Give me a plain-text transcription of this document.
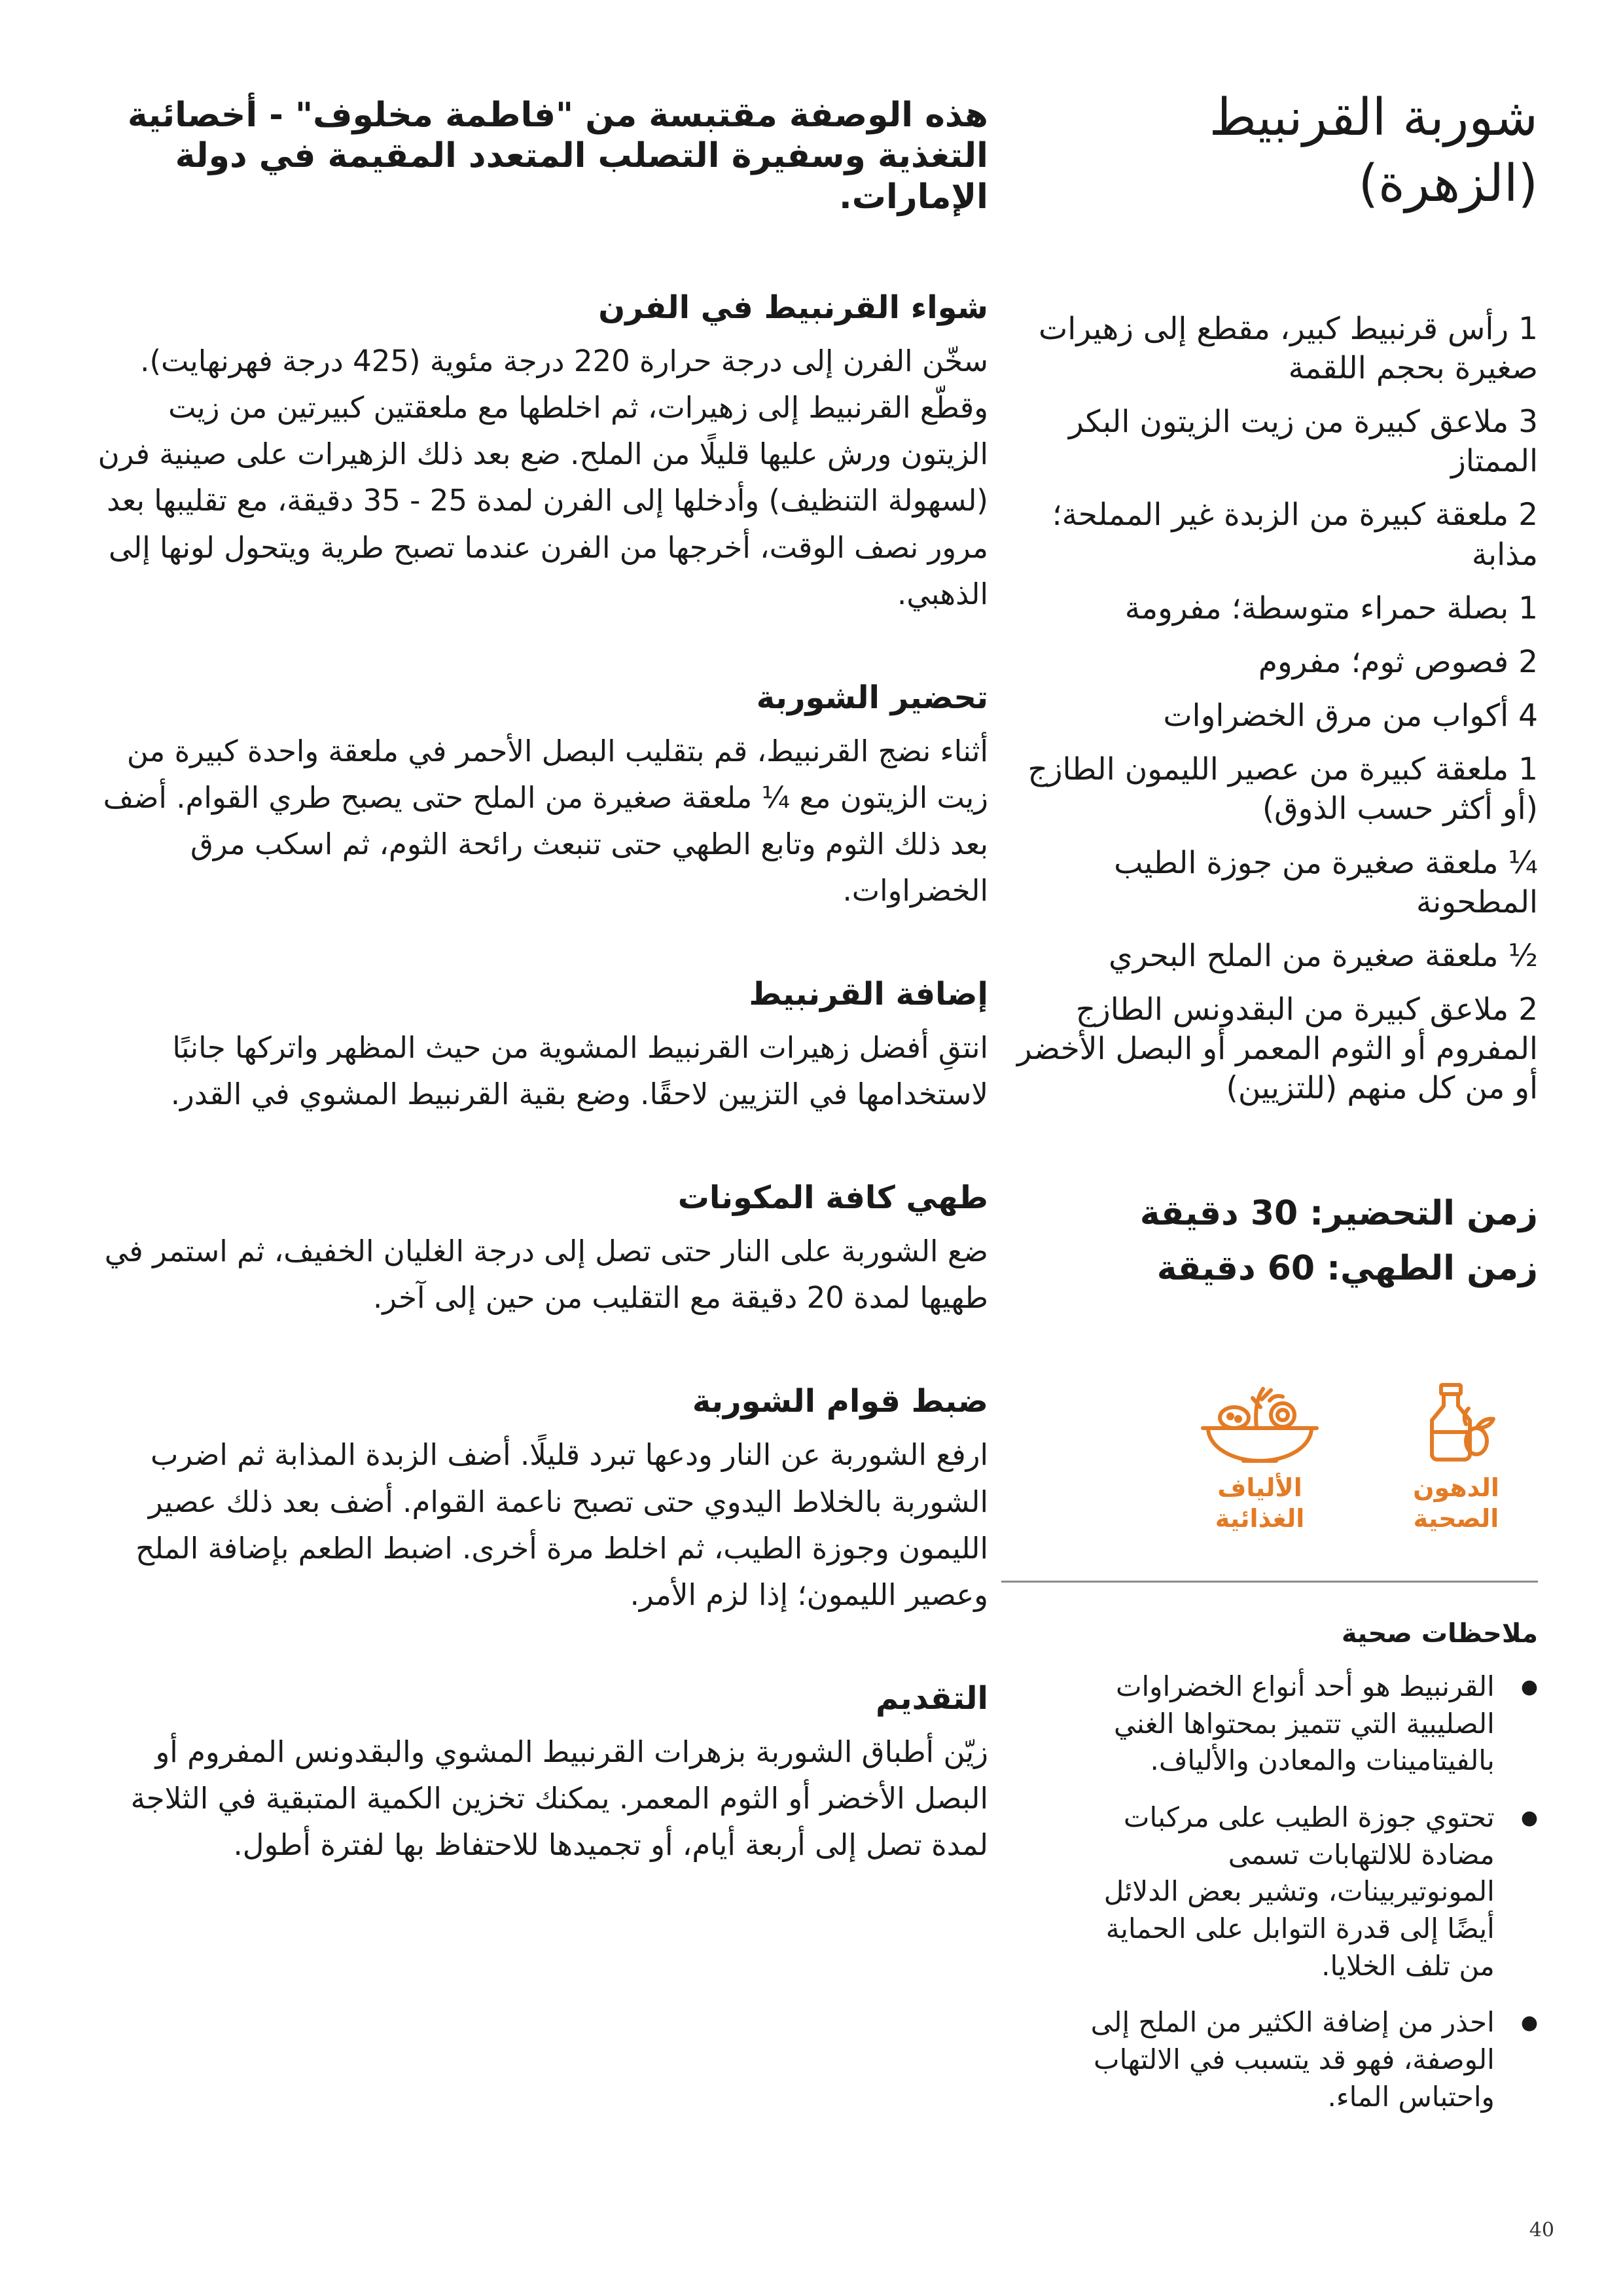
شوربة القرنبيط (الزهرة)
1 رأس قرنبيط كبير، مقطع إلى زهيرات صغيرة بحجم اللقمة
3 ملاعق كبيرة من زيت الزيتون البكر الممتاز
2 ملعقة كبيرة من الزبدة غير المملحة؛ مذابة
1 بصلة حمراء متوسطة؛ مفرومة
2 فصوص ثوم؛ مفروم
4 أكواب من مرق الخضراوات
1 ملعقة كبيرة من عصير الليمون الطازج (أو أكثر حسب الذوق)
¼ ملعقة صغيرة من جوزة الطيب المطحونة
½ ملعقة صغيرة من الملح البحري
2 ملاعق كبيرة من البقدونس الطازج المفروم أو الثوم المعمر أو البصل الأخضر أو من كل منهم (للتزيين)
زمن التحضير: 30 دقيقة
زمن الطهي: 60 دقيقة
الدهون الصحية
الألياف الغذائية
ملاحظات صحية
●
القرنبيط هو أحد أنواع الخضراوات الصليبية التي تتميز بمحتواها الغني بالفيتامينات والمعادن والألياف.
●
تحتوي جوزة الطيب على مركبات مضادة للالتهابات تسمى المونوتيربينات، وتشير بعض الدلائل أيضًا إلى قدرة التوابل على الحماية من تلف الخلايا.
●
احذر من إضافة الكثير من الملح إلى الوصفة، فهو قد يتسبب في الالتهاب واحتباس الماء.

هذه الوصفة مقتبسة من "فاطمة مخلوف" - أخصائية التغذية وسفيرة التصلب المتعدد المقيمة في دولة الإمارات.

شواء القرنبيط في الفرن

سخّن الفرن إلى درجة حرارة 220 درجة مئوية (425 درجة فهرنهايت). وقطّع القرنبيط إلى زهيرات، ثم اخلطها مع ملعقتين كبيرتين من زيت الزيتون ورش عليها قليلًا من الملح. ضع بعد ذلك الزهيرات على صينية فرن (لسهولة التنظيف) وأدخلها إلى الفرن لمدة 25 - 35 دقيقة، مع تقليبها بعد مرور نصف الوقت، أخرجها من الفرن عندما تصبح طرية ويتحول لونها إلى الذهبي.

تحضير الشوربة

أثناء نضج القرنبيط، قم بتقليب البصل الأحمر في ملعقة واحدة كبيرة من زيت الزيتون مع ¼ ملعقة صغيرة من الملح حتى يصبح طري القوام. أضف بعد ذلك الثوم وتابع الطهي حتى تنبعث رائحة الثوم، ثم اسكب مرق الخضراوات.

إضافة القرنبيط

انتقِ أفضل زهيرات القرنبيط المشوية من حيث المظهر واتركها جانبًا لاستخدامها في التزيين لاحقًا. وضع بقية القرنبيط المشوي في القدر.

طهي كافة المكونات

ضع الشوربة على النار حتى تصل إلى درجة الغليان الخفيف، ثم استمر في طهيها لمدة 20 دقيقة مع التقليب من حين إلى آخر.

ضبط قوام الشوربة

ارفع الشوربة عن النار ودعها تبرد قليلًا. أضف الزبدة المذابة ثم اضرب الشوربة بالخلاط اليدوي حتى تصبح ناعمة القوام. أضف بعد ذلك عصير الليمون وجوزة الطيب، ثم اخلط مرة أخرى. اضبط الطعم بإضافة الملح وعصير الليمون؛ إذا لزم الأمر.

التقديم

زيّن أطباق الشوربة بزهرات القرنبيط المشوي والبقدونس المفروم أو البصل الأخضر أو الثوم المعمر. يمكنك تخزين الكمية المتبقية في الثلاجة لمدة تصل إلى أربعة أيام، أو تجميدها للاحتفاظ بها لفترة أطول.

40
